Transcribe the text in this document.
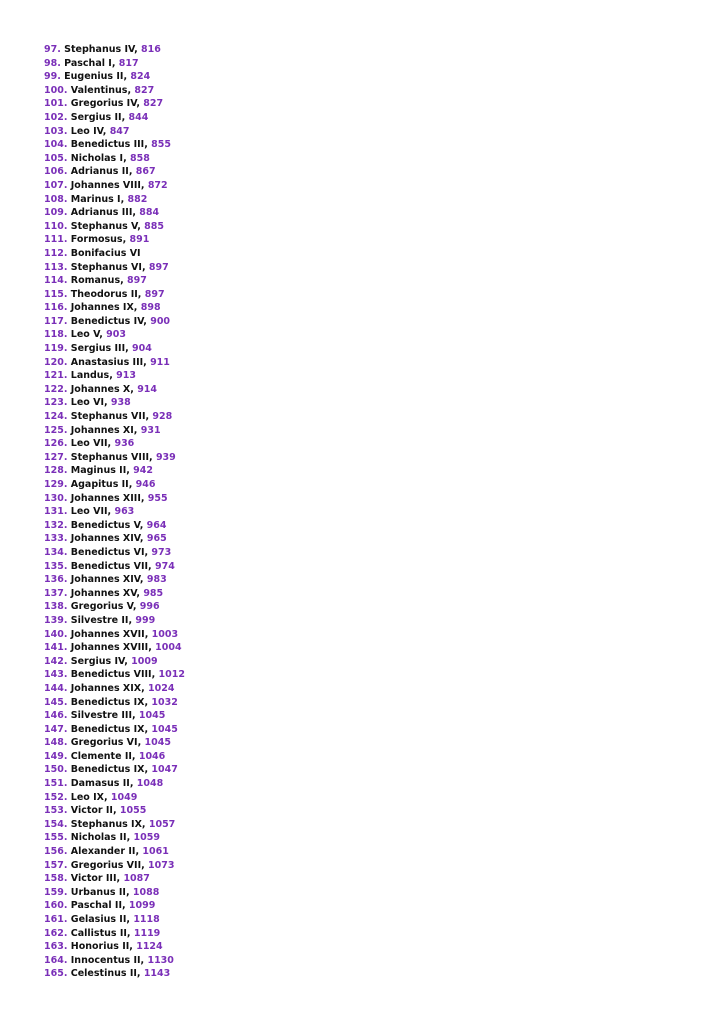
97. Stephanus IV, 816
98. Paschal I, 817
99. Eugenius II, 824
100. Valentinus, 827
101. Gregorius IV, 827
102. Sergius II, 844
103. Leo IV, 847
104. Benedictus III, 855
105. Nicholas I, 858
106. Adrianus II, 867
107. Johannes VIII, 872
108. Marinus I, 882
109. Adrianus III, 884
110. Stephanus V, 885
111. Formosus, 891
112. Bonifacius VI
113. Stephanus VI, 897
114. Romanus, 897
115. Theodorus II, 897
116. Johannes IX, 898
117. Benedictus IV, 900
118. Leo V, 903
119. Sergius III, 904
120. Anastasius III, 911
121. Landus, 913
122. Johannes X, 914
123. Leo VI, 938
124. Stephanus VII, 928
125. Johannes XI, 931
126. Leo VII, 936
127. Stephanus VIII, 939
128. Maginus II, 942
129. Agapitus II, 946
130. Johannes XIII, 955
131. Leo VII, 963
132. Benedictus V, 964
133. Johannes XIV, 965
134. Benedictus VI, 973
135. Benedictus VII, 974
136. Johannes XIV, 983
137. Johannes XV, 985
138. Gregorius V, 996
139. Silvestre II, 999
140. Johannes XVII, 1003
141. Johannes XVIII, 1004
142. Sergius IV, 1009
143. Benedictus VIII, 1012
144. Johannes XIX, 1024
145. Benedictus IX, 1032
146. Silvestre III, 1045
147. Benedictus IX, 1045
148. Gregorius VI, 1045
149. Clemente II, 1046
150. Benedictus IX, 1047
151. Damasus II, 1048
152. Leo IX, 1049
153. Victor II, 1055
154. Stephanus IX, 1057
155. Nicholas II, 1059
156. Alexander II, 1061
157. Gregorius VII, 1073
158. Victor III, 1087
159. Urbanus II, 1088
160. Paschal II, 1099
161. Gelasius II, 1118
162. Callistus II, 1119
163. Honorius II, 1124
164. Innocentus II, 1130
165. Celestinus II, 1143
